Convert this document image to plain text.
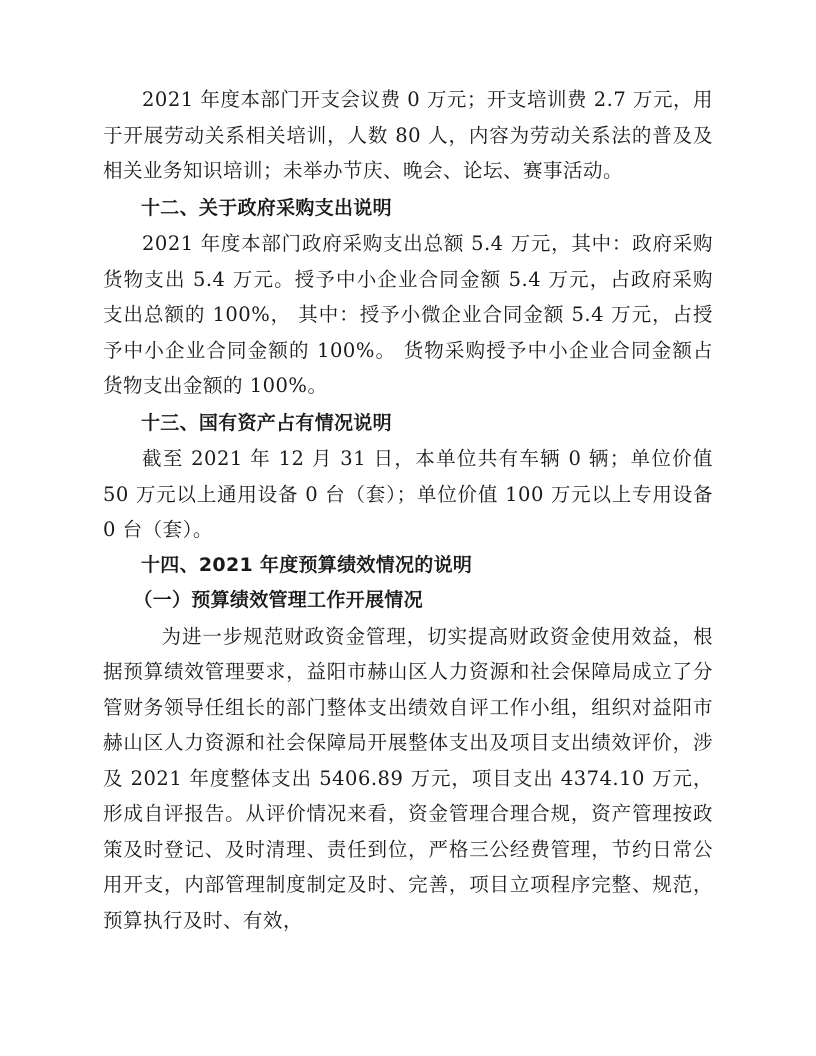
2021 年度本部门开支会议费 0 万元；开支培训费 2.7 万元，用于开展劳动关系相关培训，人数 80 人，内容为劳动关系法的普及及相关业务知识培训；未举办节庆、晚会、论坛、赛事活动。

十二、关于政府采购支出说明

2021 年度本部门政府采购支出总额 5.4 万元，其中：政府采购货物支出 5.4 万元。授予中小企业合同金额 5.4 万元，占政府采购支出总额的 100%， 其中：授予小微企业合同金额 5.4 万元，占授予中小企业合同金额的 100%。 货物采购授予中小企业合同金额占货物支出金额的 100%。

十三、国有资产占有情况说明

截至 2021 年 12 月 31 日，本单位共有车辆 0 辆；单位价值 50 万元以上通用设备 0 台（套）；单位价值 100 万元以上专用设备 0 台（套）。

十四、2021 年度预算绩效情况的说明

（一）预算绩效管理工作开展情况

为进一步规范财政资金管理，切实提高财政资金使用效益，根据预算绩效管理要求，益阳市赫山区人力资源和社会保障局成立了分管财务领导任组长的部门整体支出绩效自评工作小组，组织对益阳市赫山区人力资源和社会保障局开展整体支出及项目支出绩效评价，涉及 2021 年度整体支出 5406.89 万元，项目支出 4374.10 万元，形成自评报告。从评价情况来看，资金管理合理合规，资产管理按政策及时登记、及时清理、责任到位，严格三公经费管理，节约日常公用开支，内部管理制度制定及时、完善，项目立项程序完整、规范，预算执行及时、有效，
